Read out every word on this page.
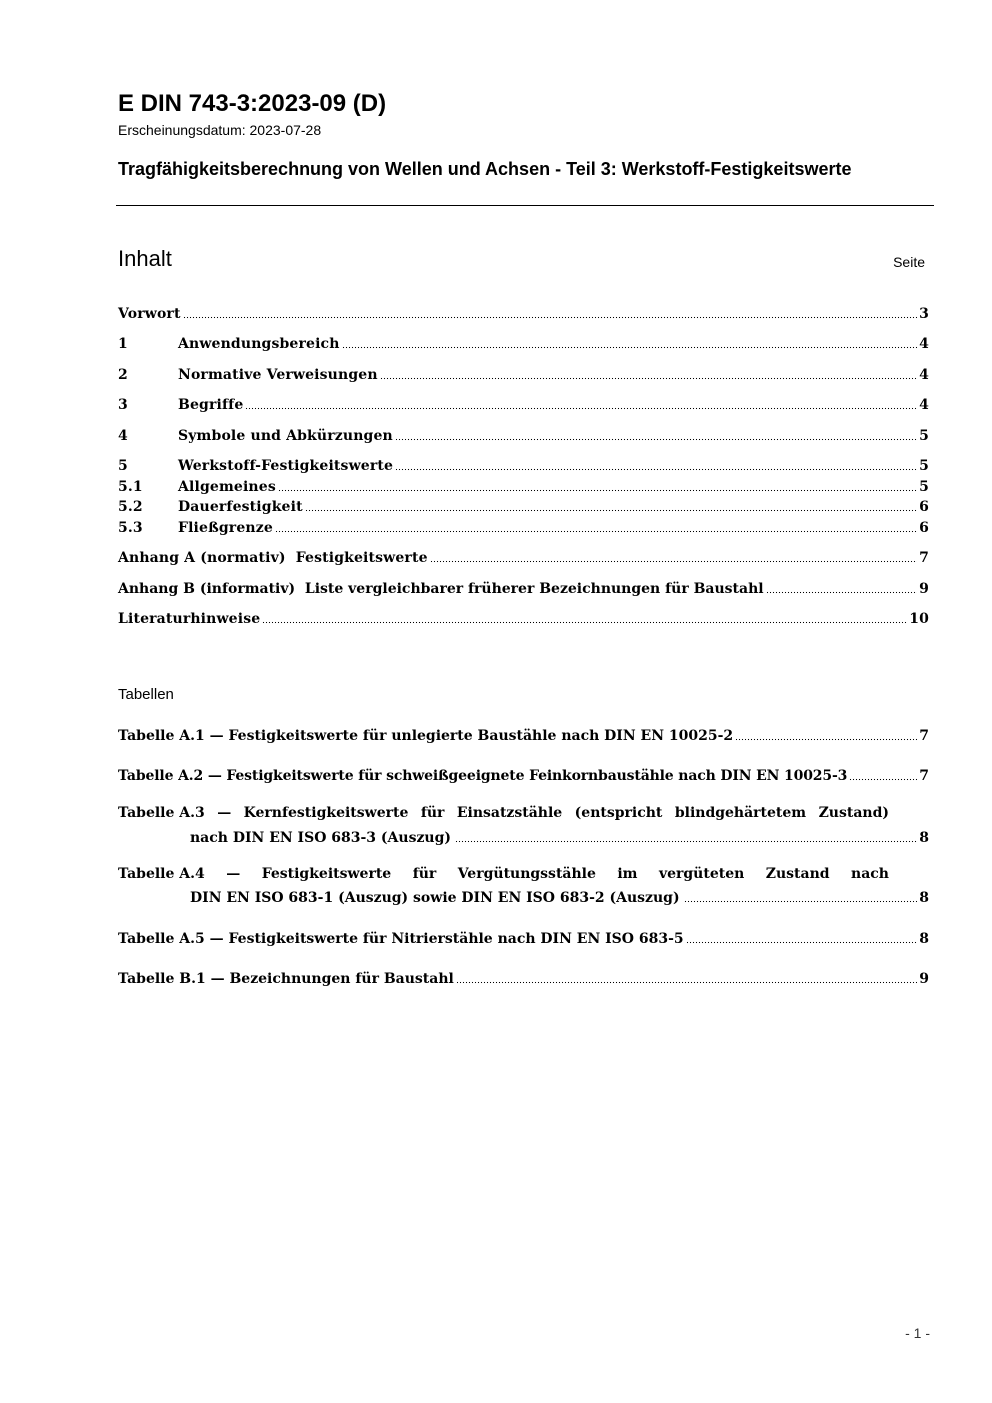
E DIN 743-3:2023-09 (D)
Erscheinungsdatum: 2023-07-28
Tragfähigkeitsberechnung von Wellen und Achsen - Teil 3: Werkstoff-Festigkeitswerte
Inhalt	Seite
Vorwort	3
1	Anwendungsbereich	4
2	Normative Verweisungen	4
3	Begriffe	4
4	Symbole und Abkürzungen	5
5	Werkstoff-Festigkeitswerte	5
5.1	Allgemeines	5
5.2	Dauerfestigkeit	6
5.3	Fließgrenze	6
Anhang A (normativ)  Festigkeitswerte	7
Anhang B (informativ)  Liste vergleichbarer früherer Bezeichnungen für Baustahl	9
Literaturhinweise	10
Tabellen
Tabelle A.1 — Festigkeitswerte für unlegierte Baustähle nach DIN EN 10025-2	7
Tabelle A.2 — Festigkeitswerte für schweißgeeignete Feinkornbaustähle nach DIN EN 10025-3	7
Tabelle A.3 — Kernfestigkeitswerte für Einsatzstähle (entspricht blindgehärtetem Zustand)
nach DIN EN ISO 683-3 (Auszug)	8
Tabelle A.4 — Festigkeitswerte für Vergütungsstähle im vergüteten Zustand nach
DIN EN ISO 683-1 (Auszug) sowie DIN EN ISO 683-2 (Auszug)	8
Tabelle A.5 — Festigkeitswerte für Nitrierstähle nach DIN EN ISO 683-5	8
Tabelle B.1 — Bezeichnungen für Baustahl	9
- 1 -
